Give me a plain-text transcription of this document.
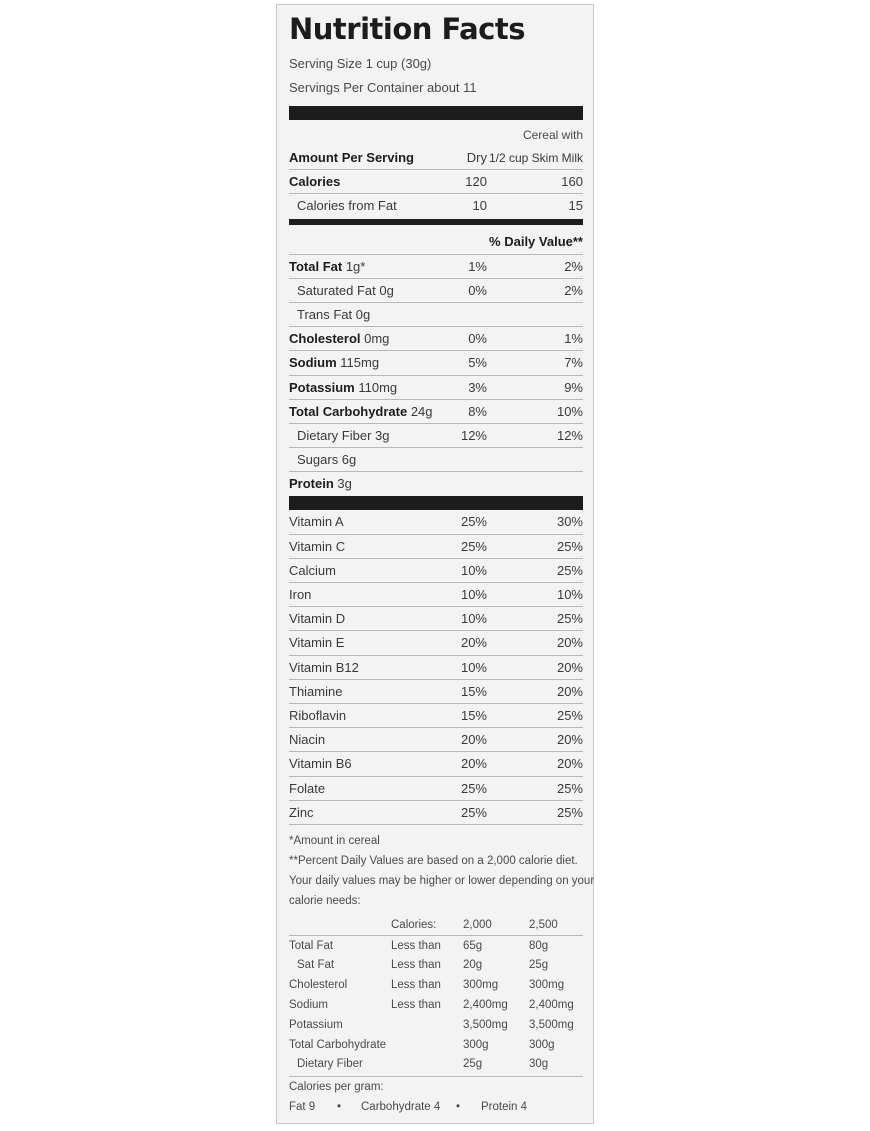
Nutrition Facts
Serving Size 1 cup (30g)
Servings Per Container about 11
Cereal with
Amount Per Serving	Dry 1/2 cup Skim Milk
Calories	120	160
Calories from Fat	10	15
% Daily Value**
Total Fat 1g*	1%	2%
Saturated Fat 0g	0%	2%
Trans Fat 0g
Cholesterol 0mg	0%	1%
Sodium 115mg	5%	7%
Potassium 110mg	3%	9%
Total Carbohydrate 24g	8%	10%
Dietary Fiber 3g	12%	12%
Sugars 6g
Protein 3g
Vitamin A	25%	30%
Vitamin C	25%	25%
Calcium	10%	25%
Iron	10%	10%
Vitamin D	10%	25%
Vitamin E	20%	20%
Vitamin B12	10%	20%
Thiamine	15%	20%
Riboflavin	15%	25%
Niacin	20%	20%
Vitamin B6	20%	20%
Folate	25%	25%
Zinc	25%	25%
*Amount in cereal
**Percent Daily Values are based on a 2,000 calorie diet.
Your daily values may be higher or lower depending on your
calorie needs:
Calories: 2,000	2,500
Total Fat	Less than 65g	80g
Sat Fat	Less than 20g	25g
Cholesterol	Less than 300mg	300mg
Sodium	Less than 2,400mg 2,400mg
Potassium	3,500mg 3,500mg
Total Carbohydrate	300g	300g
Dietary Fiber	25g	30g
Calories per gram:
Fat 9 • Carbohydrate 4 • Protein 4
